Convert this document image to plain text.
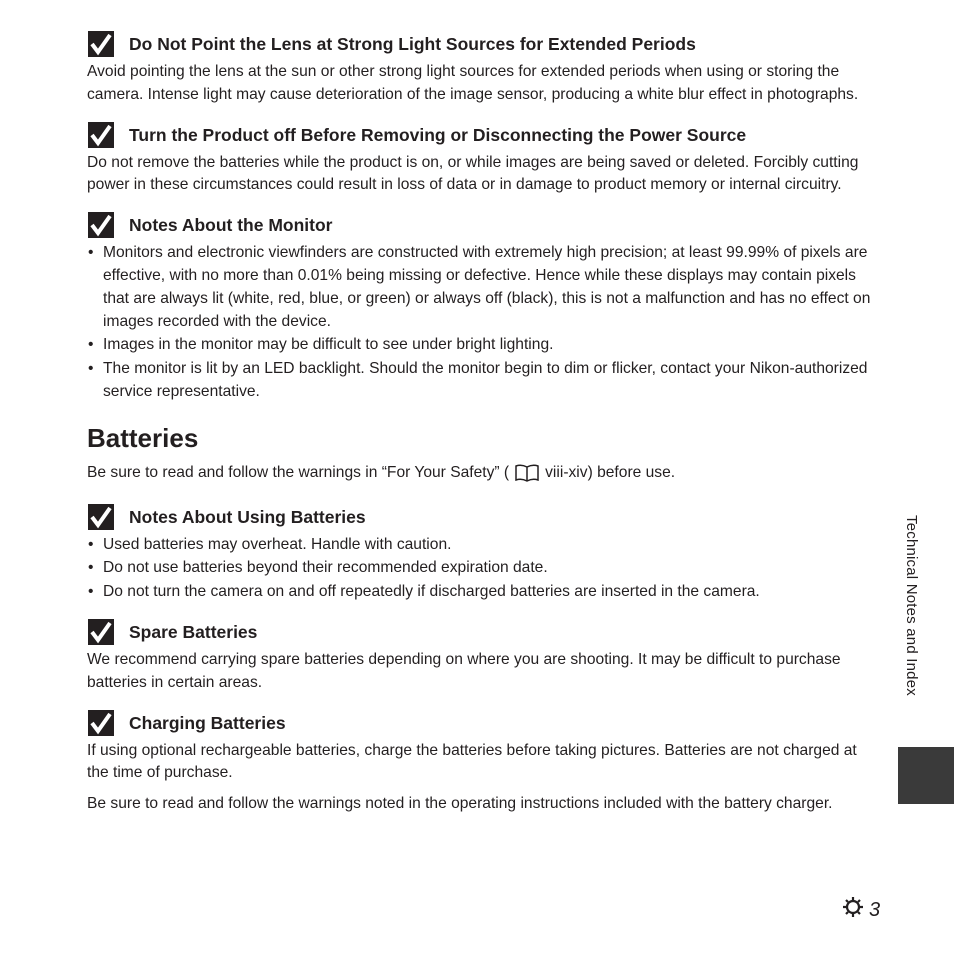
Do Not Point the Lens at Strong Light Sources for Extended Periods

Avoid pointing the lens at the sun or other strong light sources for extended periods when using or storing the camera. Intense light may cause deterioration of the image sensor, producing a white blur effect in photographs.

Turn the Product off Before Removing or Disconnecting the Power Source

Do not remove the batteries while the product is on, or while images are being saved or deleted. Forcibly cutting power in these circumstances could result in loss of data or in damage to product memory or internal circuitry.

Notes About the Monitor
• Monitors and electronic viewfinders are constructed with extremely high precision; at least 99.99% of pixels are effective, with no more than 0.01% being missing or defective. Hence while these displays may contain pixels that are always lit (white, red, blue, or green) or always off (black), this is not a malfunction and has no effect on images recorded with the device.
• Images in the monitor may be difficult to see under bright lighting.
• The monitor is lit by an LED backlight. Should the monitor begin to dim or flicker, contact your Nikon-authorized service representative.
Batteries
Be sure to read and follow the warnings in “For Your Safety” ( viii-xiv) before use.
Notes About Using Batteries
• Used batteries may overheat. Handle with caution.
• Do not use batteries beyond their recommended expiration date.
• Do not turn the camera on and off repeatedly if discharged batteries are inserted in the camera.
Spare Batteries

We recommend carrying spare batteries depending on where you are shooting. It may be difficult to purchase batteries in certain areas.

Charging Batteries

If using optional rechargeable batteries, charge the batteries before taking pictures. Batteries are not charged at the time of purchase.

Be sure to read and follow the warnings noted in the operating instructions included with the battery charger.

Technical Notes and Index
3
